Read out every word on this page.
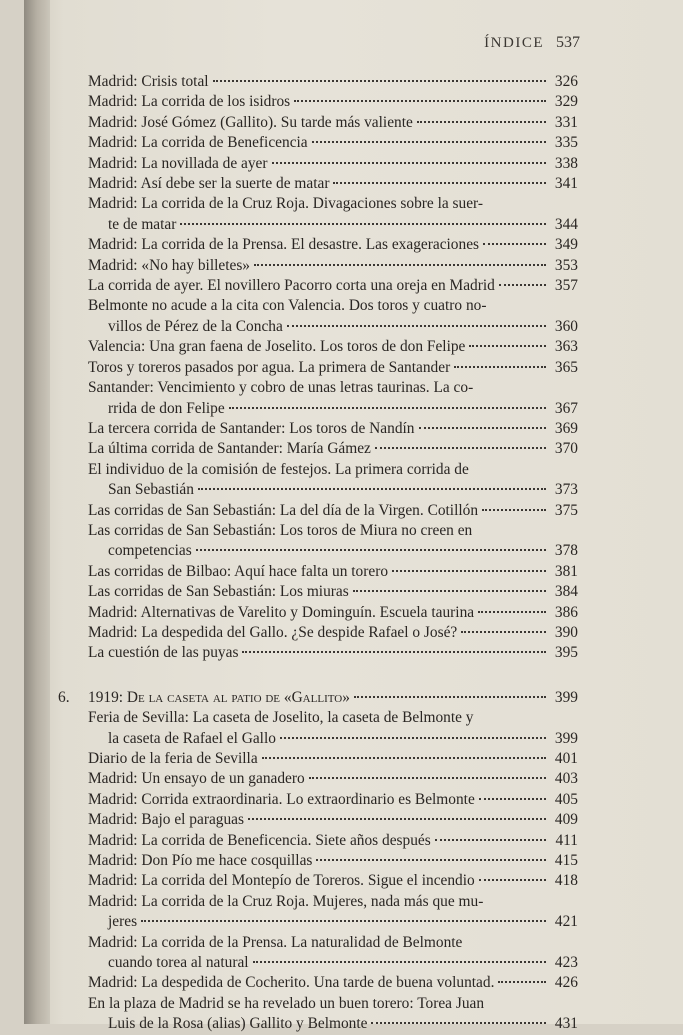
ÍNDICE 537
Madrid: Crisis total	326
Madrid: La corrida de los isidros	329
Madrid: José Gómez (Gallito). Su tarde más valiente	331
Madrid: La corrida de Beneficencia	335
Madrid: La novillada de ayer	338
Madrid: Así debe ser la suerte de matar	341
Madrid: La corrida de la Cruz Roja. Divagaciones sobre la suer-
te de matar	344
Madrid: La corrida de la Prensa. El desastre. Las exageraciones	349
Madrid: «No hay billetes»	353
La corrida de ayer. El novillero Pacorro corta una oreja en Madrid	357
Belmonte no acude a la cita con Valencia. Dos toros y cuatro no-
villos de Pérez de la Concha	360
Valencia: Una gran faena de Joselito. Los toros de don Felipe	363
Toros y toreros pasados por agua. La primera de Santander	365
Santander: Vencimiento y cobro de unas letras taurinas. La co-
rrida de don Felipe	367
La tercera corrida de Santander: Los toros de Nandín	369
La última corrida de Santander: María Gámez	370
El individuo de la comisión de festejos. La primera corrida de
San Sebastián	373
Las corridas de San Sebastián: La del día de la Virgen. Cotillón	375
Las corridas de San Sebastián: Los toros de Miura no creen en
competencias	378
Las corridas de Bilbao: Aquí hace falta un torero	381
Las corridas de San Sebastián: Los miuras	384
Madrid: Alternativas de Varelito y Dominguín. Escuela taurina	386
Madrid: La despedida del Gallo. ¿Se despide Rafael o José?	390
La cuestión de las puyas	395
6. 1919: De la caseta al patio de «Gallito»	399
Feria de Sevilla: La caseta de Joselito, la caseta de Belmonte y
la caseta de Rafael el Gallo	399
Diario de la feria de Sevilla	401
Madrid: Un ensayo de un ganadero	403
Madrid: Corrida extraordinaria. Lo extraordinario es Belmonte	405
Madrid: Bajo el paraguas	409
Madrid: La corrida de Beneficencia. Siete años después	411
Madrid: Don Pío me hace cosquillas	415
Madrid: La corrida del Montepío de Toreros. Sigue el incendio	418
Madrid: La corrida de la Cruz Roja. Mujeres, nada más que mu-
jeres	421
Madrid: La corrida de la Prensa. La naturalidad de Belmonte
cuando torea al natural	423
Madrid: La despedida de Cocherito. Una tarde de buena voluntad.	426
En la plaza de Madrid se ha revelado un buen torero: Torea Juan
Luis de la Rosa (alias) Gallito y Belmonte	431
